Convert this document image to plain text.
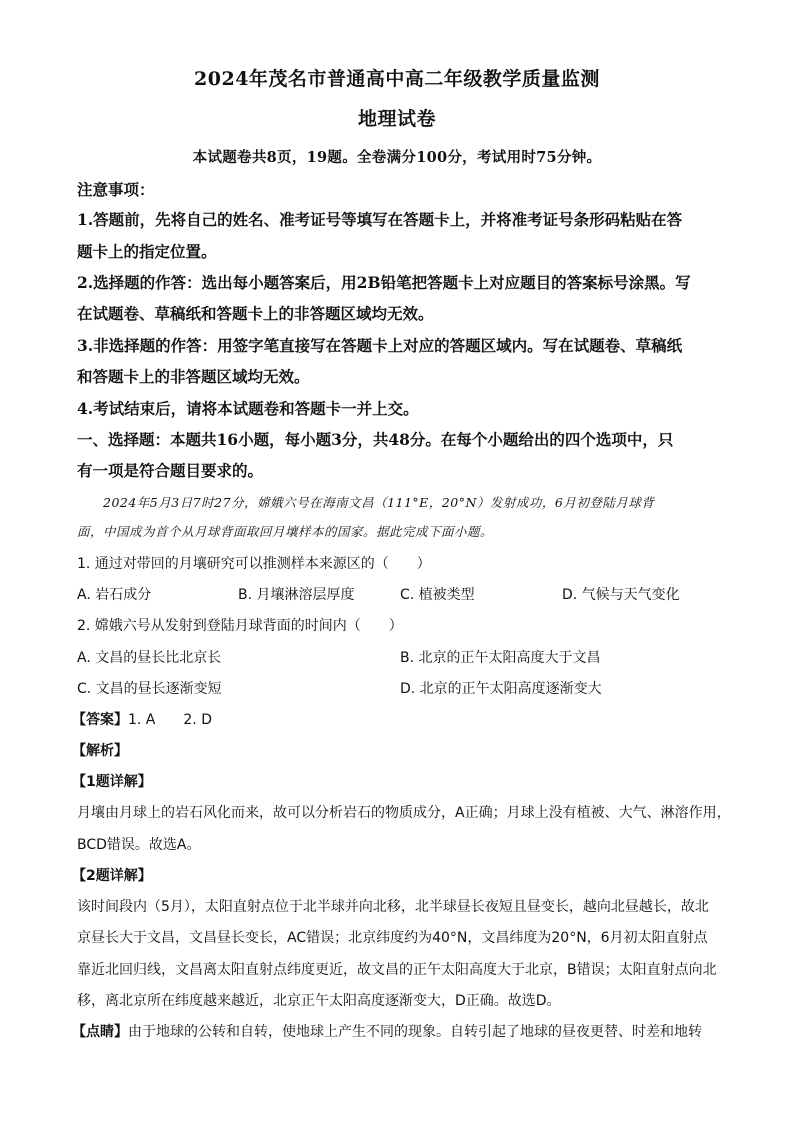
2024年茂名市普通高中高二年级教学质量监测
地理试卷
本试题卷共8页，19题。全卷满分100分，考试用时75分钟。
注意事项：
1.答题前，先将自己的姓名、准考证号等填写在答题卡上，并将准考证号条形码粘贴在答
题卡上的指定位置。
2.选择题的作答：选出每小题答案后，用2B铅笔把答题卡上对应题目的答案标号涂黑。写
在试题卷、草稿纸和答题卡上的非答题区域均无效。
3.非选择题的作答：用签字笔直接写在答题卡上对应的答题区域内。写在试题卷、草稿纸
和答题卡上的非答题区域均无效。
4.考试结束后，请将本试题卷和答题卡一并上交。
一、选择题：本题共16小题，每小题3分，共48分。在每个小题给出的四个选项中，只
有一项是符合题目要求的。
2024年5月3日7时27分，嫦娥六号在海南文昌（111°E，20°N）发射成功，6月初登陆月球背
面，中国成为首个从月球背面取回月壤样本的国家。据此完成下面小题。
1. 通过对带回的月壤研究可以推测样本来源区的（　　）
A. 岩石成分	B. 月壤淋溶层厚度	C. 植被类型	D. 气候与天气变化
2. 嫦娥六号从发射到登陆月球背面的时间内（　　）
A. 文昌的昼长比北京长	B. 北京的正午太阳高度大于文昌
C. 文昌的昼长逐渐变短	D. 北京的正午太阳高度逐渐变大
【答案】1. A　　2. D
【解析】
【1题详解】
月壤由月球上的岩石风化而来，故可以分析岩石的物质成分，A正确；月球上没有植被、大气、淋溶作用，
BCD错误。故选A。
【2题详解】
该时间段内（5月），太阳直射点位于北半球并向北移，北半球昼长夜短且昼变长，越向北昼越长，故北
京昼长大于文昌，文昌昼长变长，AC错误；北京纬度约为40°N，文昌纬度为20°N，6月初太阳直射点
靠近北回归线，文昌离太阳直射点纬度更近，故文昌的正午太阳高度大于北京，B错误；太阳直射点向北
移，离北京所在纬度越来越近，北京正午太阳高度逐渐变大，D正确。故选D。
【点睛】由于地球的公转和自转，使地球上产生不同的现象。自转引起了地球的昼夜更替、时差和地转
